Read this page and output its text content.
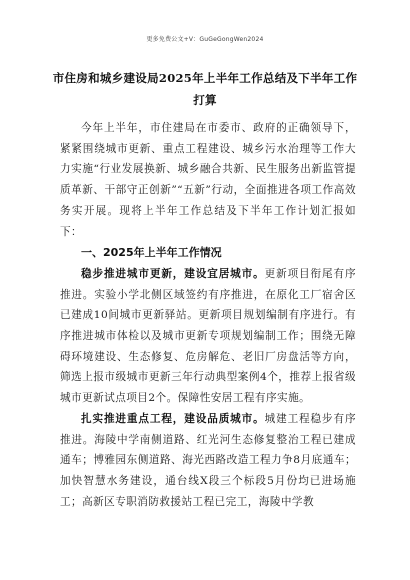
更多免费公文+V：GuGeGongWen2024
市住房和城乡建设局2025年上半年工作总结及下半年工作
打算

今年上半年，市住建局在市委市、政府的正确领导下，紧紧围绕城市更新、重点工程建设、城乡污水治理等工作大力实施“行业发展换新、城乡融合共新、民生服务出新监管提质革新、干部守正创新”“五新”行动，全面推进各项工作高效务实开展。现将上半年工作总结及下半年工作计划汇报如下：

一、2025年上半年工作情况

稳步推进城市更新，建设宜居城市。更新项目衔尾有序推进。实验小学北侧区域签约有序推进，在原化工厂宿舍区已建成10间城市更新驿站。更新项目规划编制有序进行。有序推进城市体检以及城市更新专项规划编制工作；围绕无障碍环境建设、生态修复、危房解危、老旧厂房盘活等方向，筛选上报市级城市更新三年行动典型案例4个，推荐上报省级城市更新试点项目2个。保障性安居工程有序实施。

扎实推进重点工程，建设品质城市。城建工程稳步有序推进。海陵中学南侧道路、红光河生态修复整治工程已建成通车；博雅园东侧道路、海光西路改造工程力争8月底通车；加快智慧水务建设，通台线X段三个标段5月份均已进场施工；高新区专职消防救援站工程已完工，海陵中学教
